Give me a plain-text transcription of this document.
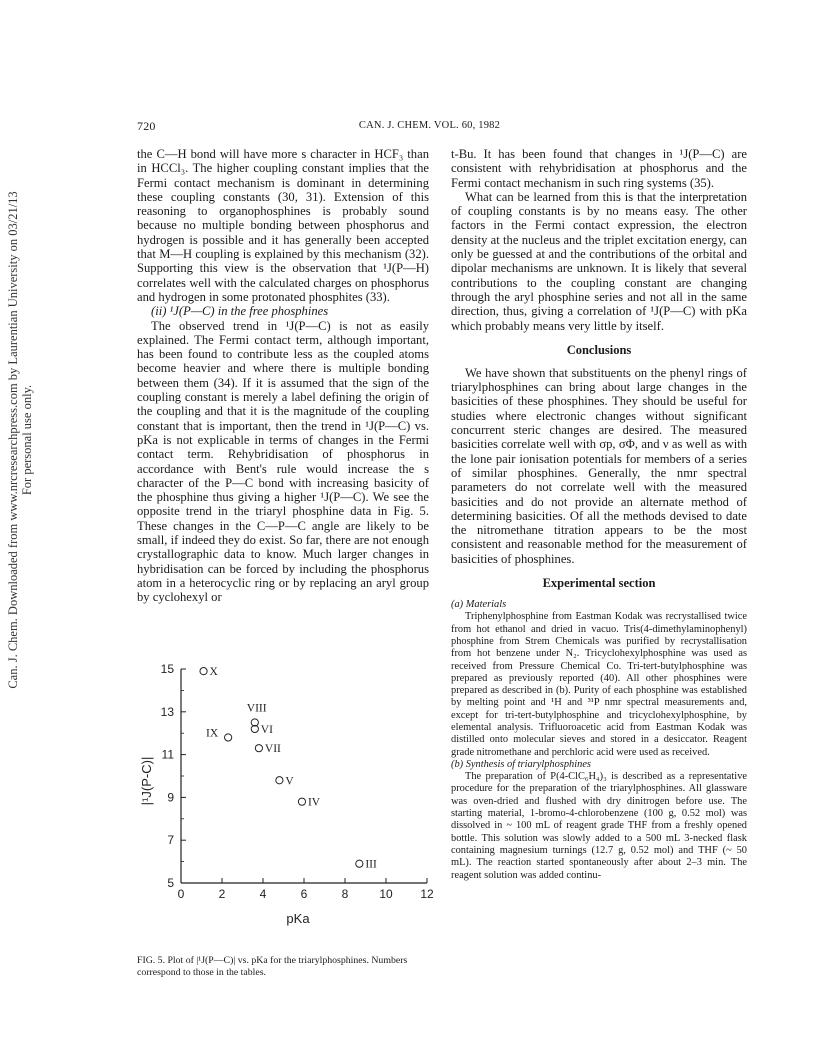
Can. J. Chem. Downloaded from www.nrcresearchpress.com by Laurentian University on 03/21/13 For personal use only.
720	CAN. J. CHEM. VOL. 60, 1982

the C—H bond will have more s character in HCF₃ than in HCCl₃. The higher coupling constant implies that the Fermi contact mechanism is dominant in determining these coupling constants (30, 31). Extension of this reasoning to organophosphines is probably sound because no multiple bonding between phosphorus and hydrogen is possible and it has generally been accepted that M—H coupling is explained by this mechanism (32). Supporting this view is the observation that ¹J(P—H) correlates well with the calculated charges on phosphorus and hydrogen in some protonated phosphites (33).

(ii) ¹J(P—C) in the free phosphines

The observed trend in ¹J(P—C) is not as easily explained. The Fermi contact term, although important, has been found to contribute less as the coupled atoms become heavier and where there is multiple bonding between them (34). If it is assumed that the sign of the coupling constant is merely a label defining the origin of the coupling and that it is the magnitude of the coupling constant that is important, then the trend in ¹J(P—C) vs. pKa is not explicable in terms of changes in the Fermi contact term. Rehybridisation of phosphorus in accordance with Bent's rule would increase the s character of the P—C bond with increasing basicity of the phosphine thus giving a higher ¹J(P—C). We see the opposite trend in the triaryl phosphine data in Fig. 5. These changes in the C—P—C angle are likely to be small, if indeed they do exist. So far, there are not enough crystallographic data to know. Much larger changes in hybridisation can be forced by including the phosphorus atom in a heterocyclic ring or by replacing an aryl group by cyclohexyl or

0	2	4	6	8	10 12
5
7
9
11
13
15
pKa
|¹J(P-C)|
X
VIII
VI
IX
VII
V
IV
III
FIG. 5. Plot of |¹J(P—C)| vs. pKa for the triarylphosphines. Numbers correspond to those in the tables.

t-Bu. It has been found that changes in ¹J(P—C) are consistent with rehybridisation at phosphorus and the Fermi contact mechanism in such ring systems (35).

What can be learned from this is that the interpretation of coupling constants is by no means easy. The other factors in the Fermi contact expression, the electron density at the nucleus and the triplet excitation energy, can only be guessed at and the contributions of the orbital and dipolar mechanisms are unknown. It is likely that several contributions to the coupling constant are changing through the aryl phosphine series and not all in the same direction, thus, giving a correlation of ¹J(P—C) with pKa which probably means very little by itself.

Conclusions

We have shown that substituents on the phenyl rings of triarylphosphines can bring about large changes in the basicities of these phosphines. They should be useful for studies where electronic changes without significant concurrent steric changes are desired. The measured basicities correlate well with σp, σΦ, and ν as well as with the lone pair ionisation potentials for members of a series of similar phosphines. Generally, the nmr spectral parameters do not correlate well with the measured basicities and do not provide an alternate method of determining basicities. Of all the methods devised to date the nitromethane titration appears to be the most consistent and reasonable method for the measurement of basicities of phosphines.

Experimental section

(a) Materials

Triphenylphosphine from Eastman Kodak was recrystallised twice from hot ethanol and dried in vacuo. Tris(4-dimethylaminophenyl) phosphine from Strem Chemicals was purified by recrystallisation from hot benzene under N₂. Tricyclohexylphosphine was used as received from Pressure Chemical Co. Tri-tert-butylphosphine was prepared as previously reported (40). All other phosphines were prepared as described in (b). Purity of each phosphine was established by melting point and ¹H and ³¹P nmr spectral measurements and, except for tri-tert-butylphosphine and tricyclohexylphosphine, by elemental analysis. Trifluoroacetic acid from Eastman Kodak was distilled onto molecular sieves and stored in a desiccator. Reagent grade nitromethane and perchloric acid were used as received.

(b) Synthesis of triarylphosphines

The preparation of P(4-ClC₆H₄)₃ is described as a representative procedure for the preparation of the triarylphosphines. All glassware was oven-dried and flushed with dry dinitrogen before use. The starting material, 1-bromo-4-chlorobenzene (100 g, 0.52 mol) was dissolved in ~ 100 mL of reagent grade THF from a freshly opened bottle. This solution was slowly added to a 500 mL 3-necked flask containing magnesium turnings (12.7 g, 0.52 mol) and THF (~ 50 mL). The reaction started spontaneously after about 2–3 min. The reagent solution was added continu-
